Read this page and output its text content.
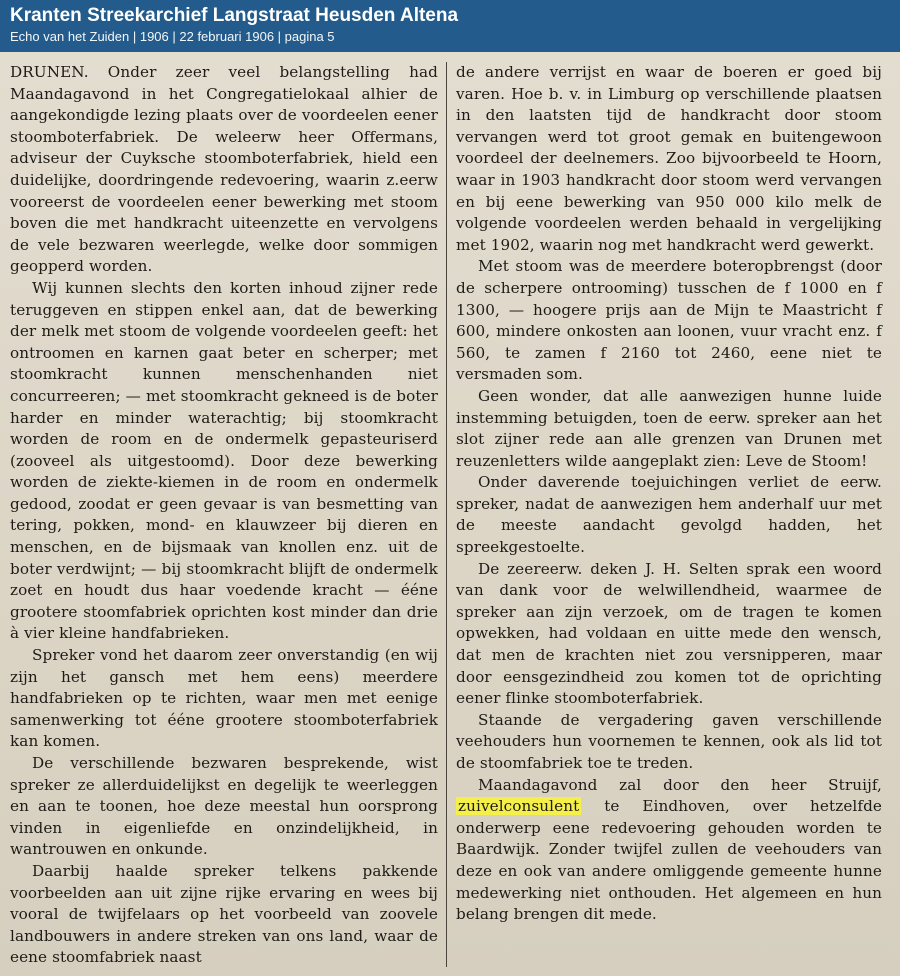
Kranten Streekarchief Langstraat Heusden Altena
Echo van het Zuiden | 1906 | 22 februari 1906 | pagina 5

DRUNEN. Onder zeer veel belangstelling had Maandagavond in het Congregatielokaal alhier de aangekondigde lezing plaats over de voordeelen eener stoomboterfabriek. De weleerw heer Offermans, adviseur der Cuyksche stoomboterfabriek, hield een duidelijke, doordringende redevoering, waarin z.eerw vooreerst de voordeelen eener bewerking met stoom boven die met handkracht uiteenzette en vervolgens de vele bezwaren weerlegde, welke door sommigen geopperd worden.

Wij kunnen slechts den korten inhoud zijner rede teruggeven en stippen enkel aan, dat de bewerking der melk met stoom de volgende voordeelen geeft: het ontroomen en karnen gaat beter en scherper; met stoomkracht kunnen menschenhanden niet concurreeren; — met stoomkracht gekneed is de boter harder en minder waterachtig; bij stoomkracht worden de room en de ondermelk gepasteuriserd (zooveel als uitgestoomd). Door deze bewerking worden de ziekte-kiemen in de room en ondermelk gedood, zoodat er geen gevaar is van besmetting van tering, pokken, mond- en klauwzeer bij dieren en menschen, en de bijsmaak van knollen enz. uit de boter verdwijnt; — bij stoomkracht blijft de ondermelk zoet en houdt dus haar voedende kracht — ééne grootere stoomfabriek oprichten kost minder dan drie à vier kleine handfabrieken.

Spreker vond het daarom zeer onverstandig (en wij zijn het gansch met hem eens) meerdere handfabrieken op te richten, waar men met eenige samenwerking tot ééne grootere stoomboterfabriek kan komen.

De verschillende bezwaren besprekende, wist spreker ze allerduidelijkst en degelijk te weerleggen en aan te toonen, hoe deze meestal hun oorsprong vinden in eigenliefde en onzindelijkheid, in wantrouwen en onkunde.

Daarbij haalde spreker telkens pakkende voorbeelden aan uit zijne rijke ervaring en wees bij vooral de twijfelaars op het voorbeeld van zoovele landbouwers in andere streken van ons land, waar de eene stoomfabriek naast

de andere verrijst en waar de boeren er goed bij varen. Hoe b. v. in Limburg op verschillende plaatsen in den laatsten tijd de handkracht door stoom vervangen werd tot groot gemak en buitengewoon voordeel der deelnemers. Zoo bijvoorbeeld te Hoorn, waar in 1903 handkracht door stoom werd vervangen en bij eene bewerking van 950 000 kilo melk de volgende voordeelen werden behaald in vergelijking met 1902, waarin nog met handkracht werd gewerkt.

Met stoom was de meerdere boteropbrengst (door de scherpere ontrooming) tusschen de f 1000 en f 1300, — hoogere prijs aan de Mijn te Maastricht f 600, mindere onkosten aan loonen, vuur vracht enz. f 560, te zamen f 2160 tot 2460, eene niet te versmaden som.

Geen wonder, dat alle aanwezigen hunne luide instemming betuigden, toen de eerw. spreker aan het slot zijner rede aan alle grenzen van Drunen met reuzenletters wilde aangeplakt zien: Leve de Stoom!

Onder daverende toejuichingen verliet de eerw. spreker, nadat de aanwezigen hem anderhalf uur met de meeste aandacht gevolgd hadden, het spreekgestoelte.

De zeereerw. deken J. H. Selten sprak een woord van dank voor de welwillendheid, waarmee de spreker aan zijn verzoek, om de tragen te komen opwekken, had voldaan en uitte mede den wensch, dat men de krachten niet zou versnipperen, maar door eensgezindheid zou komen tot de oprichting eener flinke stoomboterfabriek.

Staande de vergadering gaven verschillende veehouders hun voornemen te kennen, ook als lid tot de stoomfabriek toe te treden.

Maandagavond zal door den heer Struijf, zuivelconsulent te Eindhoven, over hetzelfde onderwerp eene redevoering gehouden worden te Baardwijk. Zonder twijfel zullen de veehouders van deze en ook van andere omliggende gemeente hunne medewerking niet onthouden. Het algemeen en hun belang brengen dit mede.
